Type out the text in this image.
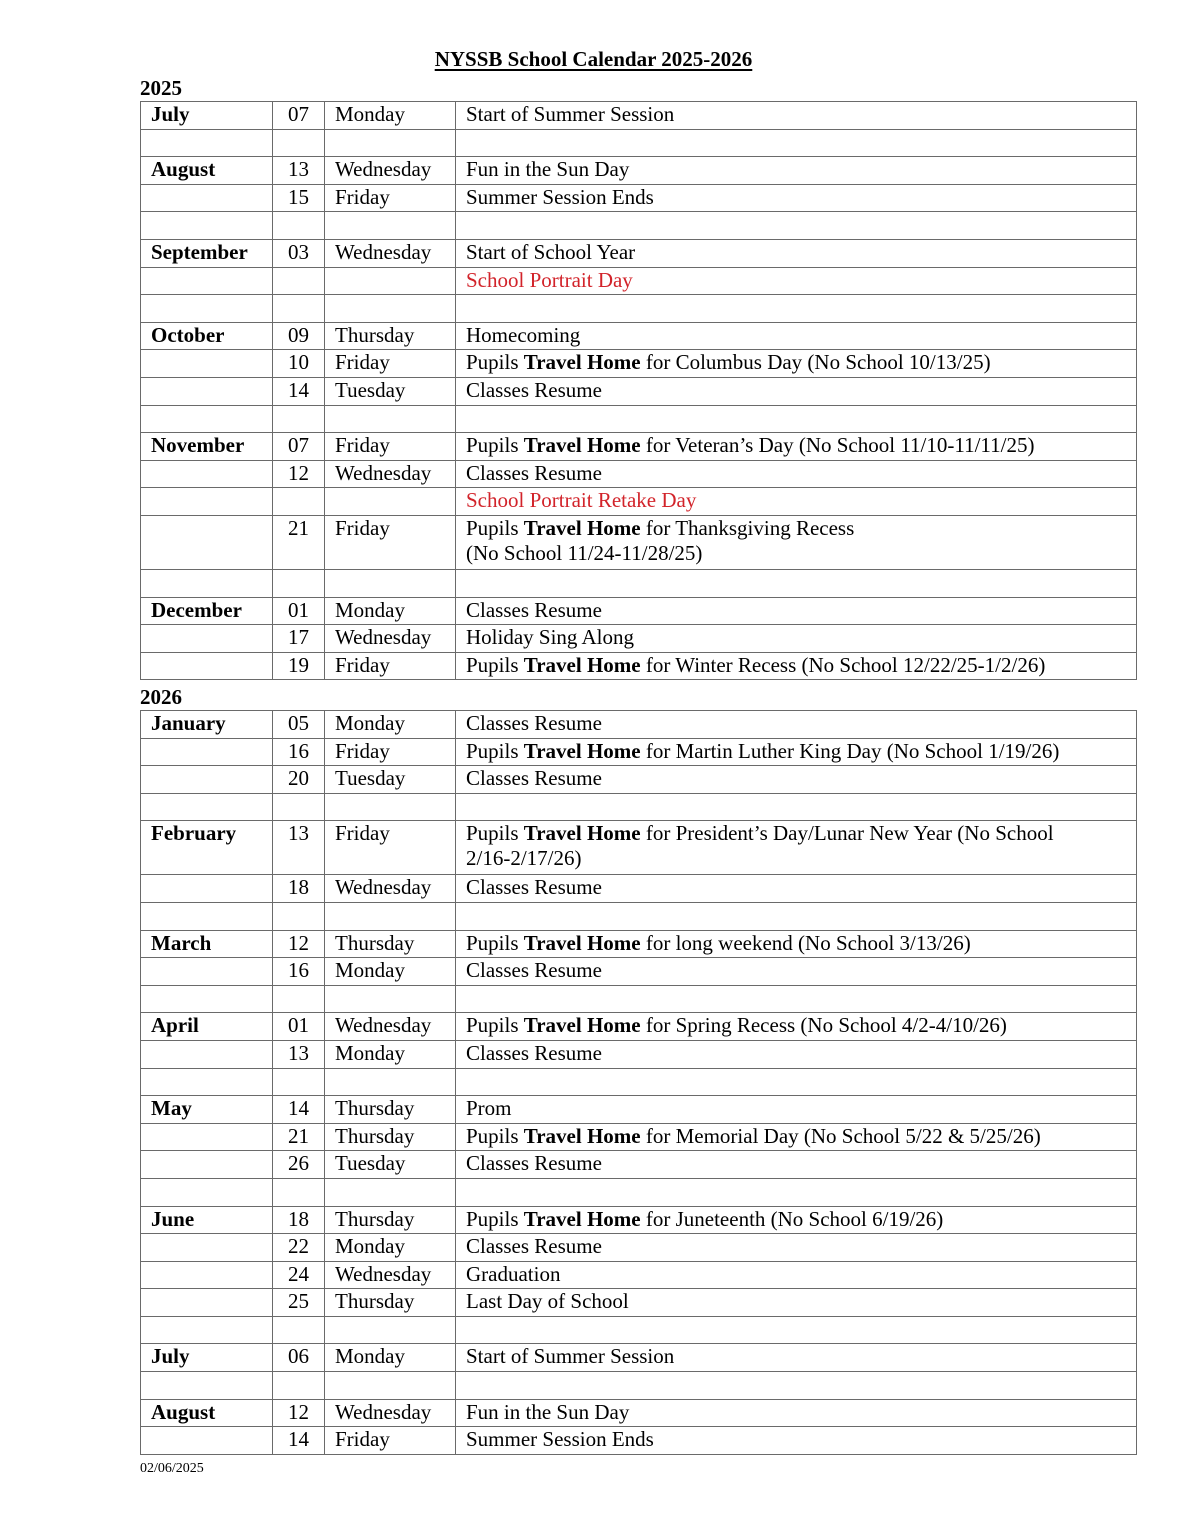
NYSSB School Calendar 2025-2026
2025
July	07	Monday	Start of Summer Session

August	13	Wednesday	Fun in the Sun Day
	15	Friday	Summer Session Ends

September	03	Wednesday	Start of School Year
			School Portrait Day

October	09	Thursday	Homecoming
	10	Friday	Pupils Travel Home for Columbus Day (No School 10/13/25)
	14	Tuesday	Classes Resume

November	07	Friday	Pupils Travel Home for Veteran’s Day (No School 11/10-11/11/25)
	12	Wednesday	Classes Resume
			School Portrait Retake Day
	21	Friday	Pupils Travel Home for Thanksgiving Recess
(No School 11/24-11/28/25)

December	01	Monday	Classes Resume
	17	Wednesday	Holiday Sing Along
	19	Friday	Pupils Travel Home for Winter Recess (No School 12/22/25-1/2/26)
2026
January	05	Monday	Classes Resume
	16	Friday	Pupils Travel Home for Martin Luther King Day (No School 1/19/26)
	20	Tuesday	Classes Resume

February	13	Friday	Pupils Travel Home for President’s Day/Lunar New Year (No School
2/16-2/17/26)
	18	Wednesday	Classes Resume

March	12	Thursday	Pupils Travel Home for long weekend (No School 3/13/26)
	16	Monday	Classes Resume

April	01	Wednesday	Pupils Travel Home for Spring Recess (No School 4/2-4/10/26)
	13	Monday	Classes Resume

May	14	Thursday	Prom
	21	Thursday	Pupils Travel Home for Memorial Day (No School 5/22 & 5/25/26)
	26	Tuesday	Classes Resume

June	18	Thursday	Pupils Travel Home for Juneteenth (No School 6/19/26)
	22	Monday	Classes Resume
	24	Wednesday	Graduation
	25	Thursday	Last Day of School

July	06	Monday	Start of Summer Session

August	12	Wednesday	Fun in the Sun Day
	14	Friday	Summer Session Ends
02/06/2025
